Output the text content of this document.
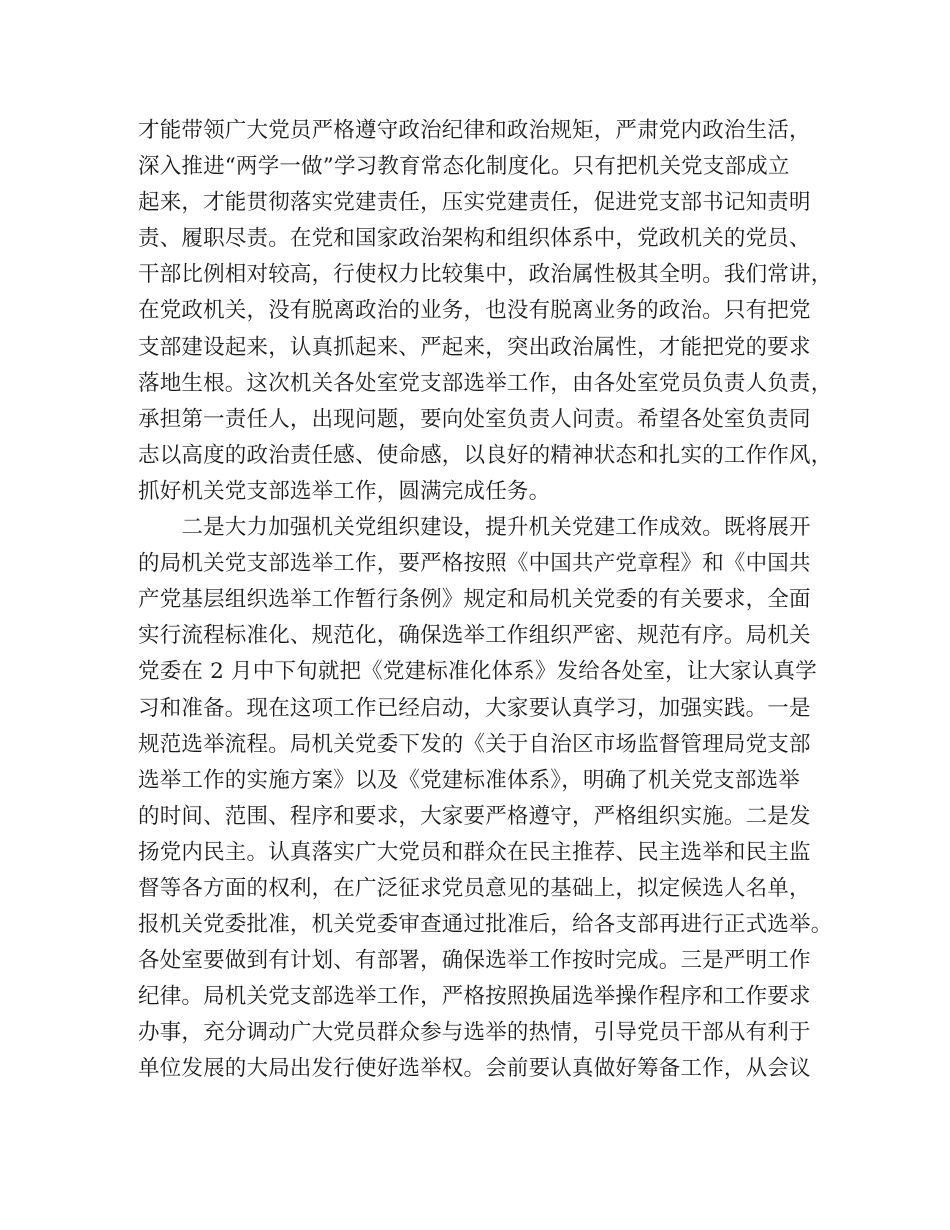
才能带领广大党员严格遵守政治纪律和政治规矩，严肃党内政治生活，
深入推进“两学一做”学习教育常态化制度化。只有把机关党支部成立
起来，才能贯彻落实党建责任，压实党建责任，促进党支部书记知责明
责、履职尽责。在党和国家政治架构和组织体系中，党政机关的党员、
干部比例相对较高，行使权力比较集中，政治属性极其全明。我们常讲，
在党政机关，没有脱离政治的业务，也没有脱离业务的政治。只有把党
支部建设起来，认真抓起来、严起来，突出政治属性，才能把党的要求
落地生根。这次机关各处室党支部选举工作，由各处室党员负责人负责，
承担第一责任人，出现问题，要向处室负责人问责。希望各处室负责同
志以高度的政治责任感、使命感，以良好的精神状态和扎实的工作作风，
抓好机关党支部选举工作，圆满完成任务。
　　二是大力加强机关党组织建设，提升机关党建工作成效。既将展开
的局机关党支部选举工作，要严格按照《中国共产党章程》和《中国共
产党基层组织选举工作暂行条例》规定和局机关党委的有关要求，全面
实行流程标准化、规范化，确保选举工作组织严密、规范有序。局机关
党委在 2 月中下旬就把《党建标准化体系》发给各处室，让大家认真学
习和准备。现在这项工作已经启动，大家要认真学习，加强实践。一是
规范选举流程。局机关党委下发的《关于自治区市场监督管理局党支部
选举工作的实施方案》以及《党建标准体系》，明确了机关党支部选举
的时间、范围、程序和要求，大家要严格遵守，严格组织实施。二是发
扬党内民主。认真落实广大党员和群众在民主推荐、民主选举和民主监
督等各方面的权利，在广泛征求党员意见的基础上，拟定候选人名单，
报机关党委批准，机关党委审查通过批准后，给各支部再进行正式选举。
各处室要做到有计划、有部署，确保选举工作按时完成。三是严明工作
纪律。局机关党支部选举工作，严格按照换届选举操作程序和工作要求
办事，充分调动广大党员群众参与选举的热情，引导党员干部从有利于
单位发展的大局出发行使好选举权。会前要认真做好筹备工作，从会议
